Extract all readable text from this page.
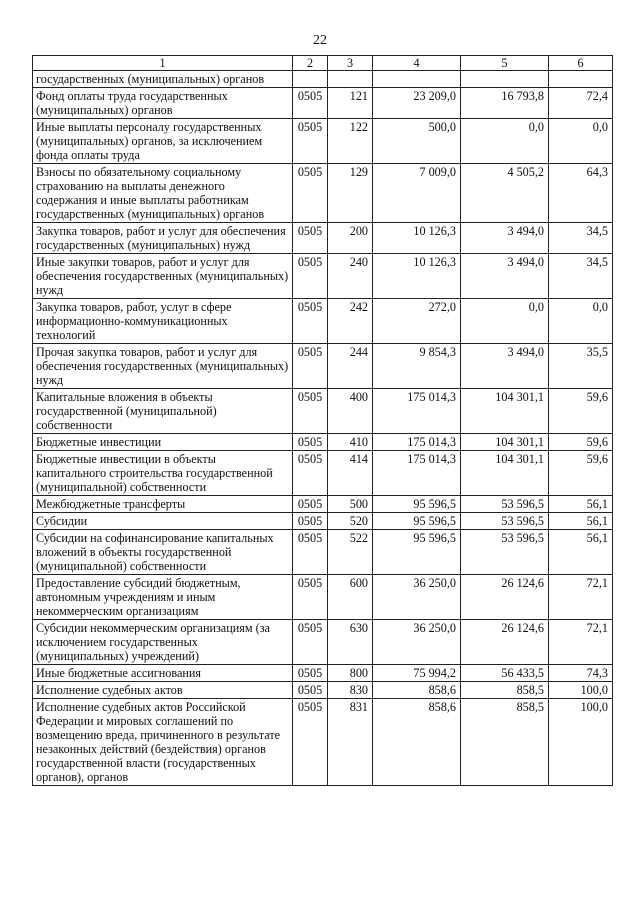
22
1	2	3	4	5	6
государственных (муниципальных) органов					
Фонд оплаты труда государственных (муниципальных) органов	0505	121	23 209,0	16 793,8	72,4
Иные выплаты персоналу государственных (муниципальных) органов, за исключением фонда оплаты труда	0505	122	500,0	0,0	0,0
Взносы по обязательному социальному страхованию на выплаты денежного содержания и иные выплаты работникам государственных (муниципальных) органов	0505	129	7 009,0	4 505,2	64,3
Закупка товаров, работ и услуг для обеспечения государственных (муниципальных) нужд	0505	200	10 126,3	3 494,0	34,5
Иные закупки товаров, работ и услуг для обеспечения государственных (муниципальных) нужд	0505	240	10 126,3	3 494,0	34,5
Закупка товаров, работ, услуг в сфере информационно-коммуникационных технологий	0505	242	272,0	0,0	0,0
Прочая закупка товаров, работ и услуг для обеспечения государственных (муниципальных) нужд	0505	244	9 854,3	3 494,0	35,5
Капитальные вложения в объекты государственной (муниципальной) собственности	0505	400	175 014,3	104 301,1	59,6
Бюджетные инвестиции	0505	410	175 014,3	104 301,1	59,6
Бюджетные инвестиции в объекты капитального строительства государственной (муниципальной) собственности	0505	414	175 014,3	104 301,1	59,6
Межбюджетные трансферты	0505	500	95 596,5	53 596,5	56,1
Субсидии	0505	520	95 596,5	53 596,5	56,1
Субсидии на софинансирование капитальных вложений в объекты государственной (муниципальной) собственности	0505	522	95 596,5	53 596,5	56,1
Предоставление субсидий бюджетным, автономным учреждениям и иным некоммерческим организациям	0505	600	36 250,0	26 124,6	72,1
Субсидии некоммерческим организациям (за исключением государственных (муниципальных) учреждений)	0505	630	36 250,0	26 124,6	72,1
Иные бюджетные ассигнования	0505	800	75 994,2	56 433,5	74,3
Исполнение судебных актов	0505	830	858,6	858,5	100,0
Исполнение судебных актов Российской Федерации и мировых соглашений по возмещению вреда, причиненного в результате незаконных действий (бездействия) органов государственной власти (государственных органов), органов	0505	831	858,6	858,5	100,0
